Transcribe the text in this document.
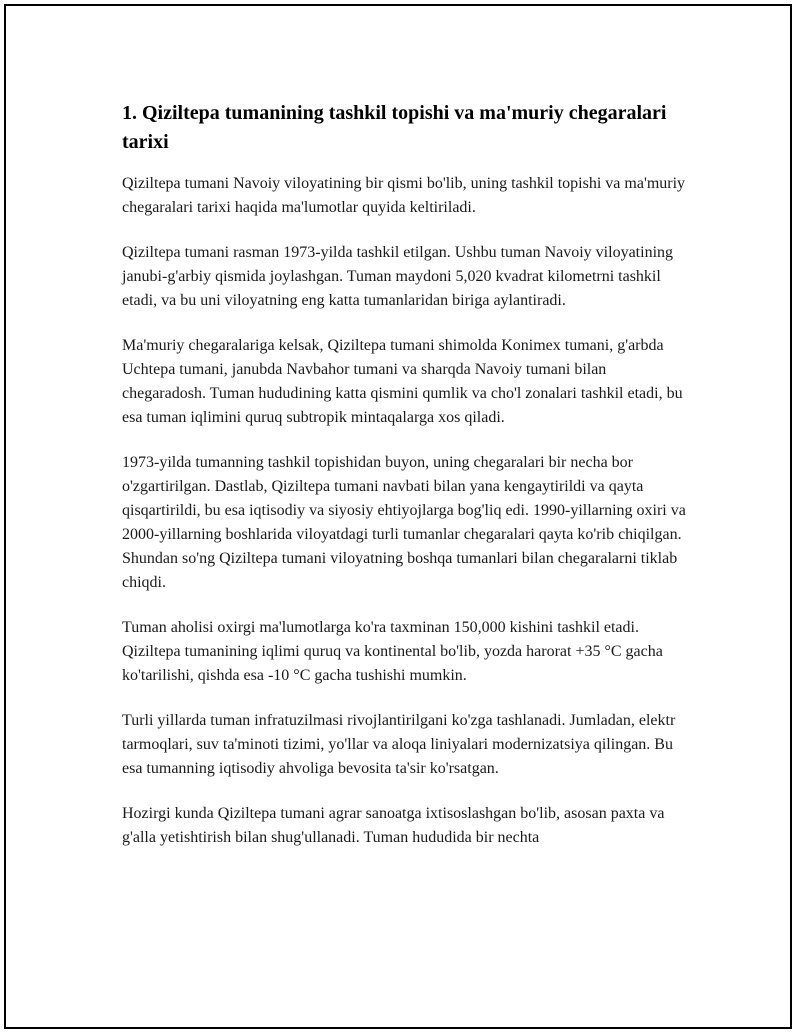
1. Qiziltepa tumanining tashkil topishi va ma'muriy chegaralari tarixi

Qiziltepa tumani Navoiy viloyatining bir qismi bo'lib, uning tashkil topishi va ma'muriy chegaralari tarixi haqida ma'lumotlar quyida keltiriladi.

Qiziltepa tumani rasman 1973-yilda tashkil etilgan. Ushbu tuman Navoiy viloyatining janubi-g'arbiy qismida joylashgan. Tuman maydoni 5,020 kvadrat kilometrni tashkil etadi, va bu uni viloyatning eng katta tumanlaridan biriga aylantiradi.

Ma'muriy chegaralariga kelsak, Qiziltepa tumani shimolda Konimex tumani, g'arbda Uchtepa tumani, janubda Navbahor tumani va sharqda Navoiy tumani bilan chegaradosh. Tuman hududining katta qismini qumlik va cho'l zonalari tashkil etadi, bu esa tuman iqlimini quruq subtropik mintaqalarga xos qiladi.

1973-yilda tumanning tashkil topishidan buyon, uning chegaralari bir necha bor o'zgartirilgan. Dastlab, Qiziltepa tumani navbati bilan yana kengaytirildi va qayta qisqartirildi, bu esa iqtisodiy va siyosiy ehtiyojlarga bog'liq edi. 1990-yillarning oxiri va 2000-yillarning boshlarida viloyatdagi turli tumanlar chegaralari qayta ko'rib chiqilgan. Shundan so'ng Qiziltepa tumani viloyatning boshqa tumanlari bilan chegaralarni tiklab chiqdi.

Tuman aholisi oxirgi ma'lumotlarga ko'ra taxminan 150,000 kishini tashkil etadi. Qiziltepa tumanining iqlimi quruq va kontinental bo'lib, yozda harorat +35 °C gacha ko'tarilishi, qishda esa -10 °C gacha tushishi mumkin.

Turli yillarda tuman infratuzilmasi rivojlantirilgani ko'zga tashlanadi. Jumladan, elektr tarmoqlari, suv ta'minoti tizimi, yo'llar va aloqa liniyalari modernizatsiya qilingan. Bu esa tumanning iqtisodiy ahvoliga bevosita ta'sir ko'rsatgan.

Hozirgi kunda Qiziltepa tumani agrar sanoatga ixtisoslashgan bo'lib, asosan paxta va g'alla yetishtirish bilan shug'ullanadi. Tuman hududida bir nechta
